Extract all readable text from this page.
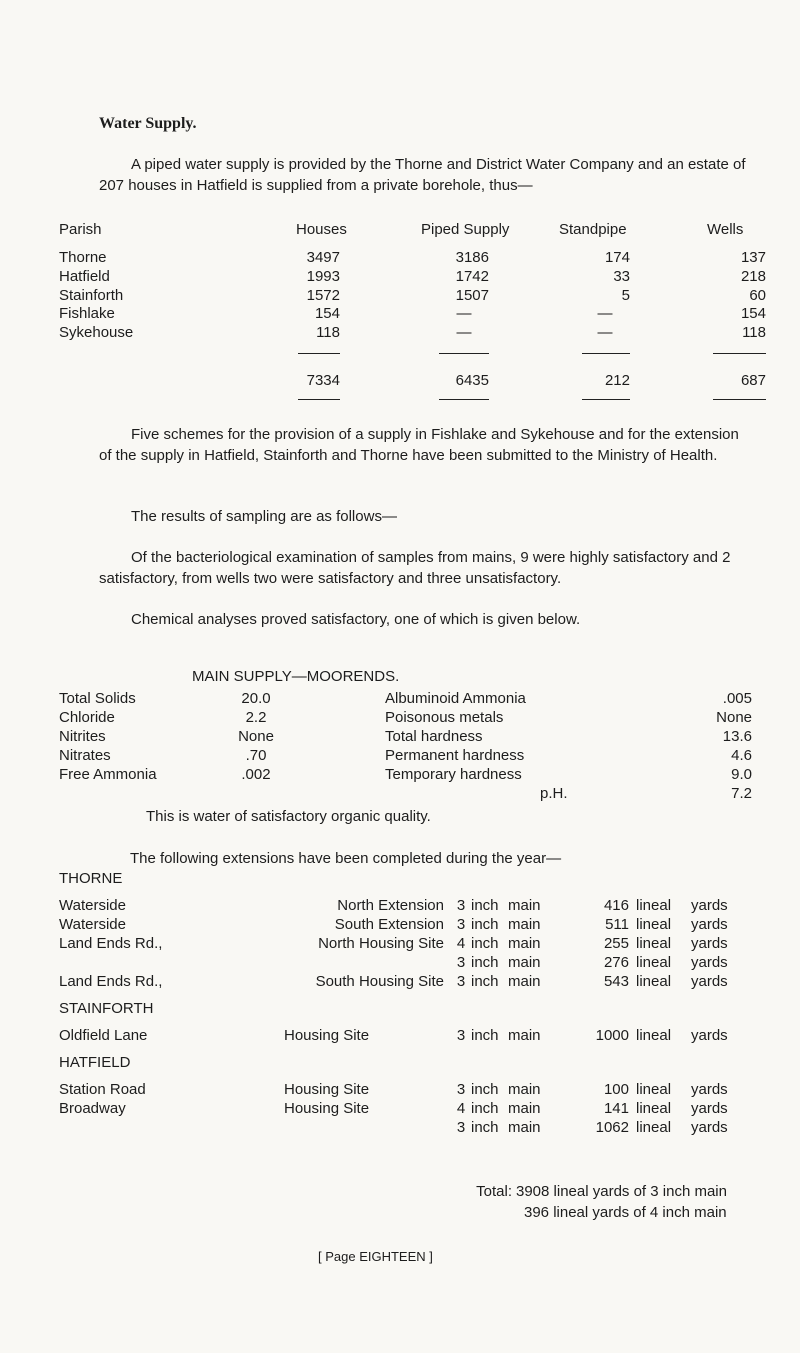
Water Supply.
A piped water supply is provided by the Thorne and District Water Company and an estate of 207 houses in Hatfield is supplied from a private borehole, thus—
Parish	Houses	Piped Supply	Standpipe	Wells
Thorne	3497	3186	174	137
Hatfield	1993	1742	33	218
Stainforth	1572	1507	5	60
Fishlake	154	—	—	154
Sykehouse	118	—	—	118
7334	6435	212	687
Five schemes for the provision of a supply in Fishlake and Sykehouse and for the extension of the supply in Hatfield, Stainforth and Thorne have been submitted to the Ministry of Health.
The results of sampling are as follows—
Of the bacteriological examination of samples from mains, 9 were highly satisfactory and 2 satisfactory, from wells two were satisfactory and three unsatisfactory.
Chemical analyses proved satisfactory, one of which is given below.
MAIN SUPPLY—MOORENDS.
Total Solids	20.0
Chloride	2.2
Nitrites	None
Nitrates	.70
Free Ammonia	.002
Albuminoid Ammonia	.005
Poisonous metals	None
Total hardness	13.6
Permanent hardness	4.6
Temporary hardness	9.0
p.H.	7.2
This is water of satisfactory organic quality.
The following extensions have been completed during the year—
THORNE
Waterside	North Extension 3 inch main	416 lineal yards
Waterside	South Extension 3 inch main	511 lineal yards
Land Ends Rd.,	North Housing Site 4 inch main	255 lineal yards
3 inch main	276 lineal yards
Land Ends Rd.,	South Housing Site 3 inch main	543 lineal yards
STAINFORTH
Oldfield Lane	Housing Site	3 inch main	1000 lineal yards
HATFIELD
Station Road	Housing Site	3 inch main	100 lineal yards
Broadway	Housing Site	4 inch main	141 lineal yards
3 inch main	1062 lineal yards
Total: 3908 lineal yards of 3 inch main
396 lineal yards of 4 inch main
[ Page EIGHTEEN ]
